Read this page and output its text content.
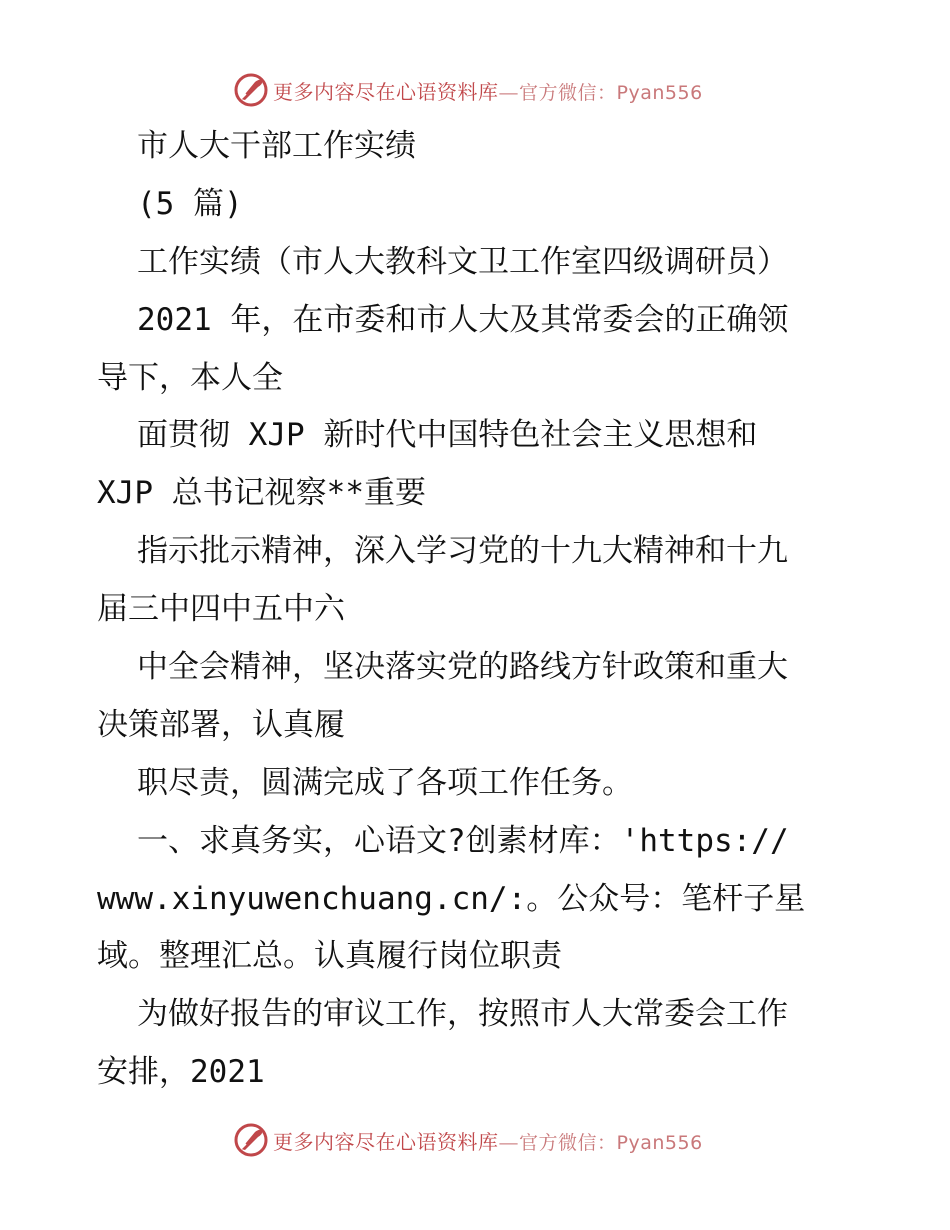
更多内容尽在心语资料库—官方微信：Pyan556
市人大干部工作实绩
(5 篇)
工作实绩（市人大教科文卫工作室四级调研员）
2021 年，在市委和市人大及其常委会的正确领
导下，本人全
面贯彻 XJP 新时代中国特色社会主义思想和
XJP 总书记视察**重要
指示批示精神，深入学习党的十九大精神和十九
届三中四中五中六
中全会精神，坚决落实党的路线方针政策和重大
决策部署，认真履
职尽责，圆满完成了各项工作任务。
一、求真务实，心语文?创素材库：'https://
www.xinyuwenchuang.cn/:。公众号：笔杆子星
域。整理汇总。认真履行岗位职责
为做好报告的审议工作，按照市人大常委会工作
安排，2021
更多内容尽在心语资料库—官方微信：Pyan556
